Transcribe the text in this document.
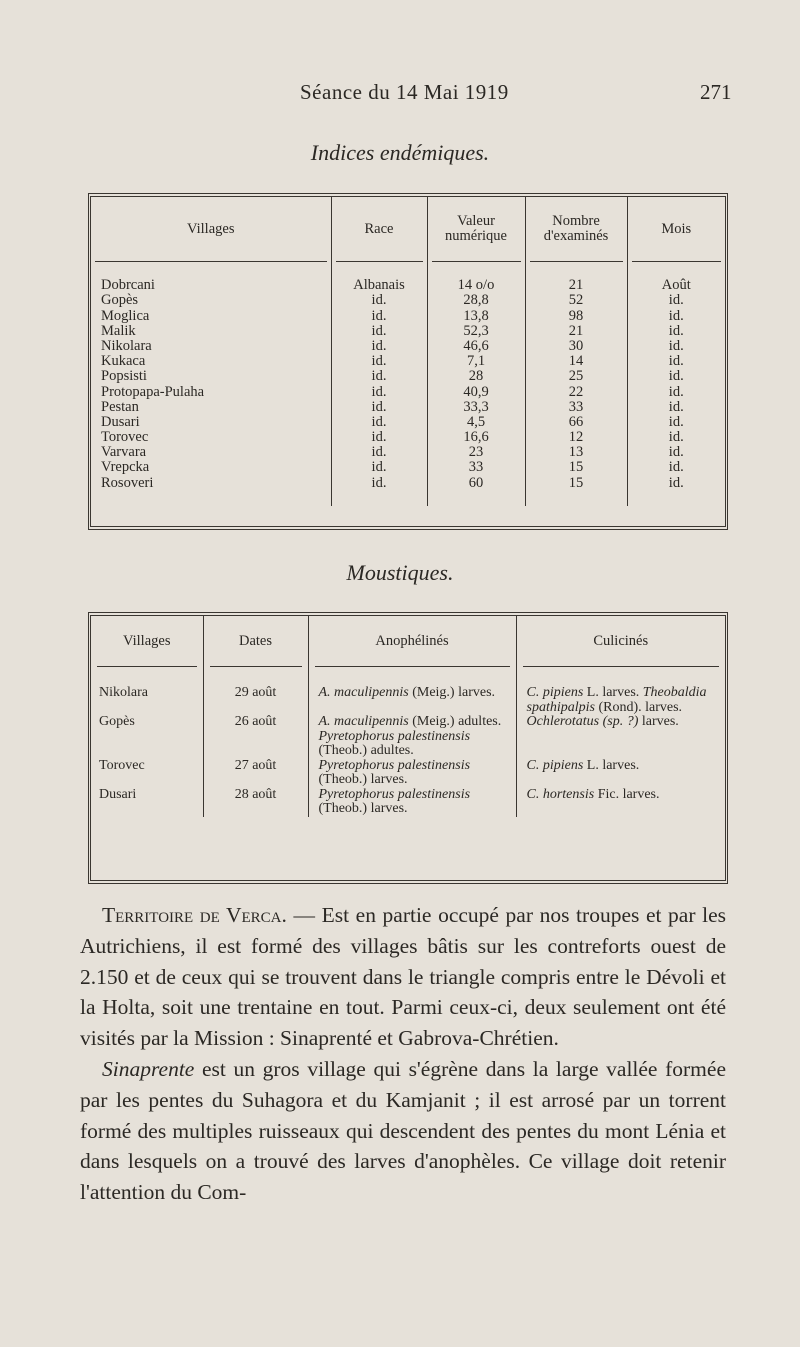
Séance du 14 Mai 1919	271
Indices endémiques.
Villages	Race	Valeur numérique	Nombre d'examinés	Mois

Dobrcani	Albanais	14 o/o	21	Août
Gopès	id.	28,8	52	id.
Moglica	id.	13,8	98	id.
Malik	id.	52,3	21	id.
Nikolara	id.	46,6	30	id.
Kukaca	id.	7,1	14	id.
Popsisti	id.	28	25	id.
Protopapa-Pulaha	id.	40,9	22	id.
Pestan	id.	33,3	33	id.
Dusari	id.	4,5	66	id.
Torovec	id.	16,6	12	id.
Varvara	id.	23	13	id.
Vrepcka	id.	33	15	id.
Rosoveri	id.	60	15	id.

Moustiques.
Villages	Dates	Anophélinés	Culicinés

Nikolara	29 août	A. maculipennis (Meig.) larves.	C. pipiens L. larves. Theobaldia spathipalpis (Rond). larves.
Gopès	26 août	A. maculipennis (Meig.) adultes. Pyretophorus palestinensis (Theob.) adultes.	Ochlerotatus (sp. ?) larves.
Torovec	27 août	Pyretophorus palestinensis (Theob.) larves.	C. pipiens L. larves.
Dusari	28 août	Pyretophorus palestinensis (Theob.) larves.	C. hortensis Fic. larves.

Territoire de Verca. — Est en partie occupé par nos troupes et par les Autrichiens, il est formé des villages bâtis sur les contreforts ouest de 2.150 et de ceux qui se trouvent dans le triangle compris entre le Dévoli et la Holta, soit une trentaine en tout. Parmi ceux-ci, deux seulement ont été visités par la Mission : Sinaprenté et Gabrova-Chrétien.

Sinaprente est un gros village qui s'égrène dans la large vallée formée par les pentes du Suhagora et du Kamjanit ; il est arrosé par un torrent formé des multiples ruisseaux qui descendent des pentes du mont Lénia et dans lesquels on a trouvé des larves d'anophèles. Ce village doit retenir l'attention du Com-
